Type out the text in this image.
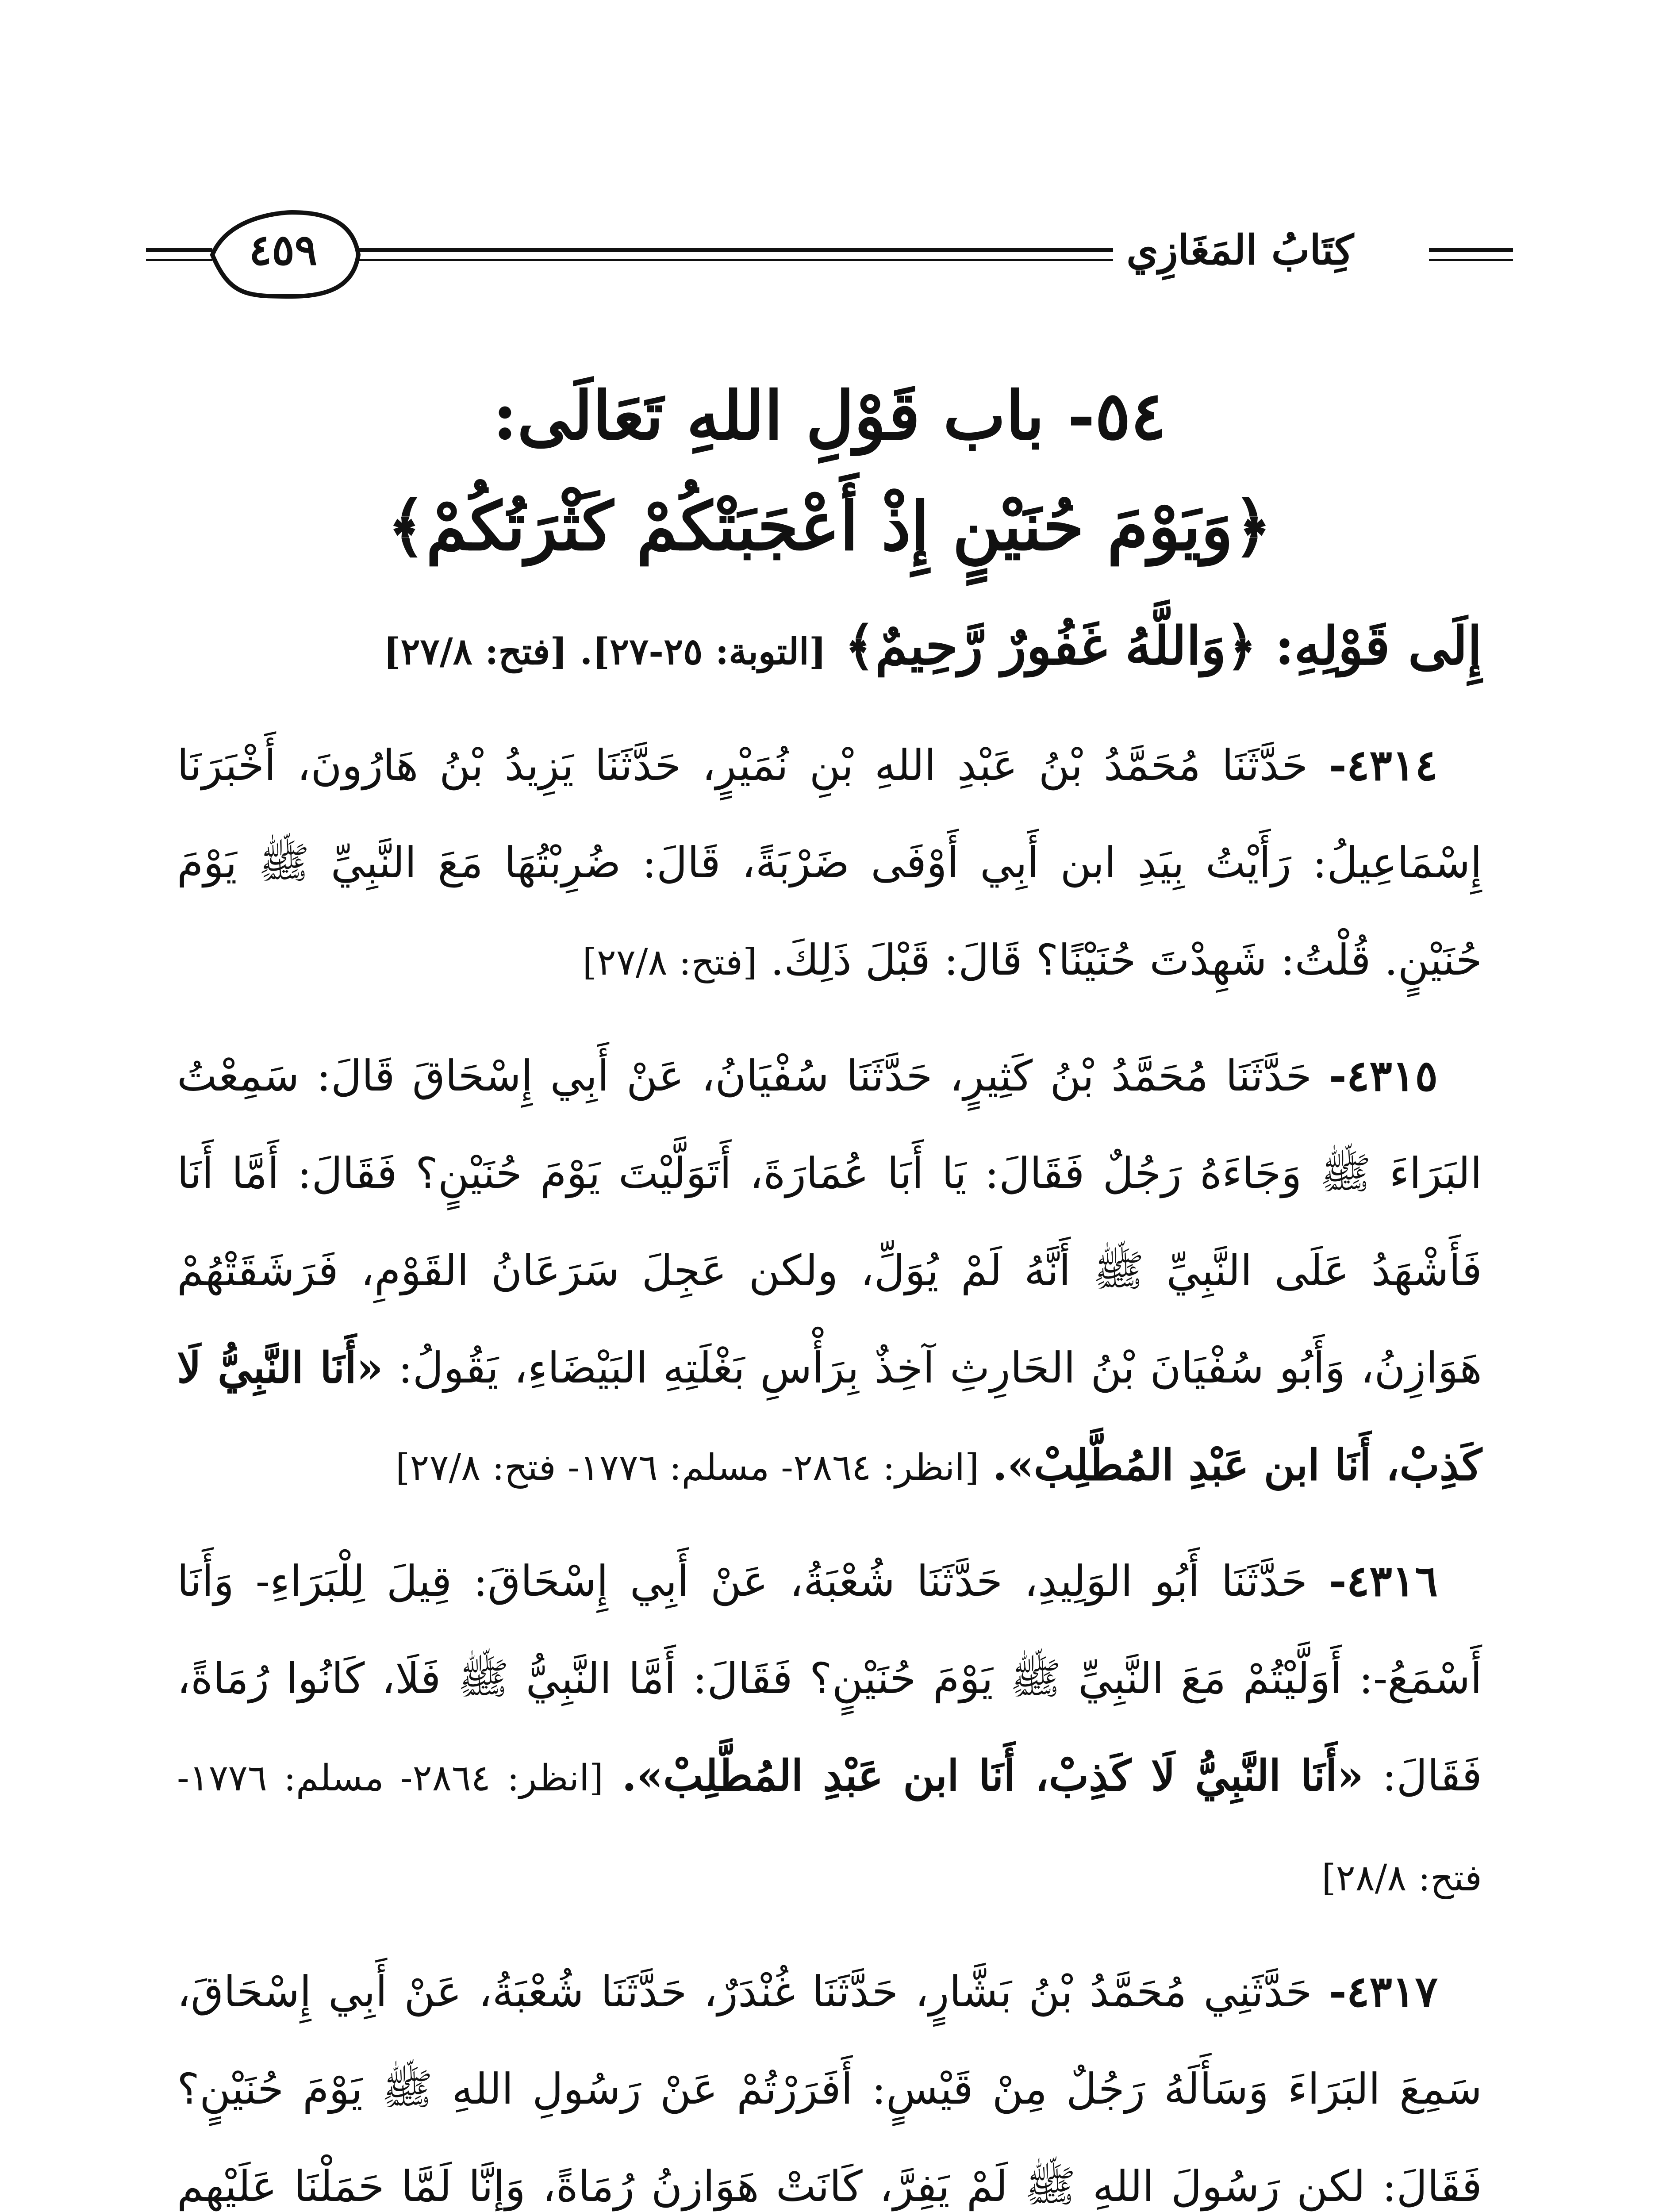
٤٥٩	كِتَابُ المَغَازِي
٥٤- باب قَوْلِ اللهِ تَعَالَى:
﴿وَيَوْمَ حُنَيْنٍ إِذْ أَعْجَبَتْكُمْ كَثْرَتُكُمْ﴾
إِلَى قَوْلِهِ: ﴿وَاللَّهُ غَفُورٌ رَّحِيمٌ﴾ [التوبة: ٢٥-٢٧]. [فتح: ٢٧/٨]

٤٣١٤- حَدَّثَنَا مُحَمَّدُ بْنُ عَبْدِ اللهِ بْنِ نُمَيْرٍ، حَدَّثَنَا يَزِيدُ بْنُ هَارُونَ، أَخْبَرَنَا إِسْمَاعِيلُ: رَأَيْتُ بِيَدِ ابن أَبِي أَوْفَى ضَرْبَةً، قَالَ: ضُرِبْتُهَا مَعَ النَّبِيِّ ﷺ يَوْمَ حُنَيْنٍ. قُلْتُ: شَهِدْتَ حُنَيْنًا؟ قَالَ: قَبْلَ ذَلِكَ. [فتح: ٢٧/٨]

٤٣١٥- حَدَّثَنَا مُحَمَّدُ بْنُ كَثِيرٍ، حَدَّثَنَا سُفْيَانُ، عَنْ أَبِي إِسْحَاقَ قَالَ: سَمِعْتُ البَرَاءَ ﷺ وَجَاءَهُ رَجُلٌ فَقَالَ: يَا أَبَا عُمَارَةَ، أَتَوَلَّيْتَ يَوْمَ حُنَيْنٍ؟ فَقَالَ: أَمَّا أَنَا فَأَشْهَدُ عَلَى النَّبِيِّ ﷺ أَنَّهُ لَمْ يُوَلِّ، ولكن عَجِلَ سَرَعَانُ القَوْمِ، فَرَشَقَتْهُمْ هَوَازِنُ، وَأَبُو سُفْيَانَ بْنُ الحَارِثِ آخِذٌ بِرَأْسِ بَغْلَتِهِ البَيْضَاءِ، يَقُولُ: «أَنَا النَّبِيُّ لَا كَذِبْ، أَنَا ابن عَبْدِ المُطَّلِبْ». [انظر: ٢٨٦٤- مسلم: ١٧٧٦- فتح: ٢٧/٨]

٤٣١٦- حَدَّثَنَا أَبُو الوَلِيدِ، حَدَّثَنَا شُعْبَةُ، عَنْ أَبِي إِسْحَاقَ: قِيلَ لِلْبَرَاءِ- وَأَنَا أَسْمَعُ-: أَوَلَّيْتُمْ مَعَ النَّبِيِّ ﷺ يَوْمَ حُنَيْنٍ؟ فَقَالَ: أَمَّا النَّبِيُّ ﷺ فَلَا، كَانُوا رُمَاةً، فَقَالَ: «أَنَا النَّبِيُّ لَا كَذِبْ، أَنَا ابن عَبْدِ المُطَّلِبْ». [انظر: ٢٨٦٤- مسلم: ١٧٧٦- فتح: ٢٨/٨]

٤٣١٧- حَدَّثَنِي مُحَمَّدُ بْنُ بَشَّارٍ، حَدَّثَنَا غُنْدَرٌ، حَدَّثَنَا شُعْبَةُ، عَنْ أَبِي إِسْحَاقَ، سَمِعَ البَرَاءَ وَسَأَلَهُ رَجُلٌ مِنْ قَيْسٍ: أَفَرَرْتُمْ عَنْ رَسُولِ اللهِ ﷺ يَوْمَ حُنَيْنٍ؟ فَقَالَ: لكن رَسُولَ اللهِ ﷺ لَمْ يَفِرَّ، كَانَتْ هَوَازِنُ رُمَاةً، وَإِنَّا لَمَّا حَمَلْنَا عَلَيْهِم
